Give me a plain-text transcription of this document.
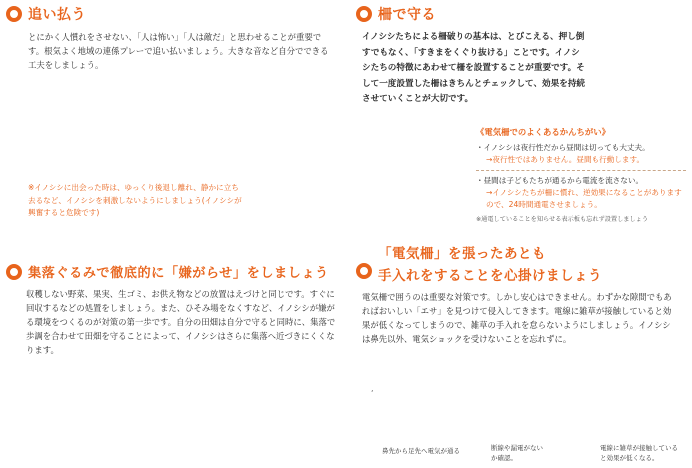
追い払う

とにかく人慣れをさせない、「人は怖い」「人は敵だ」と思わせることが重要です。根気よく地域の連係プレーで追い払いましょう。大きな音など自分でできる工夫をしましょう。

※イノシシに出会った時は、ゆっくり後退し離れ、静かに立ち去るなど、イノシシを刺激しないようにしましょう(イノシシが興奮すると危険です)

柵で守る

イノシシたちによる柵破りの基本は、とびこえる、押し倒すでもなく、「すきまをくぐり抜ける」ことです。イノシシたちの特徴にあわせて柵を設置することが重要です。そして一度設置した柵はきちんとチェックして、効果を持続させていくことが大切です。

《電気柵でのよくあるかんちがい》
・イノシシは夜行性だから昼間は切っても大丈夫。
→夜行性ではありません。昼間も行動します。
・昼間は子どもたちが通るから電流を流さない。
→イノシシたちが柵に慣れ、逆効果になることがありますので、24時間通電させましょう。
※通電していることを知らせる表示板も忘れず設置しましょう
集落ぐるみで徹底的に「嫌がらせ」をしましょう

収穫しない野菜、果実、生ゴミ、お供え物などの放置はえづけと同じです。すぐに回収するなどの処置をしましょう。また、ひそみ場をなくすなど、イノシシが嫌がる環境をつくるのが対策の第一歩です。自分の田畑は自分で守ると同時に、集落で歩調を合わせて田畑を守ることによって、イノシシはさらに集落へ近づきにくくなります。

「電気柵」を張ったあとも
手入れをすることを心掛けましょう

電気柵で囲うのは重要な対策です。しかし安心はできません。わずかな隙間でもあればおいしい「エサ」を見つけて侵入してきます。電線に雑草が接触していると効果が低くなってしまうので、雑草の手入れを怠らないようにしましょう。イノシシは鼻先以外、電気ショックを受けないことを忘れずに。

,
鼻先から足先へ電気が通る	断線や漏電がないか確認。
電線に雑草が接触していると効果が低くなる。
